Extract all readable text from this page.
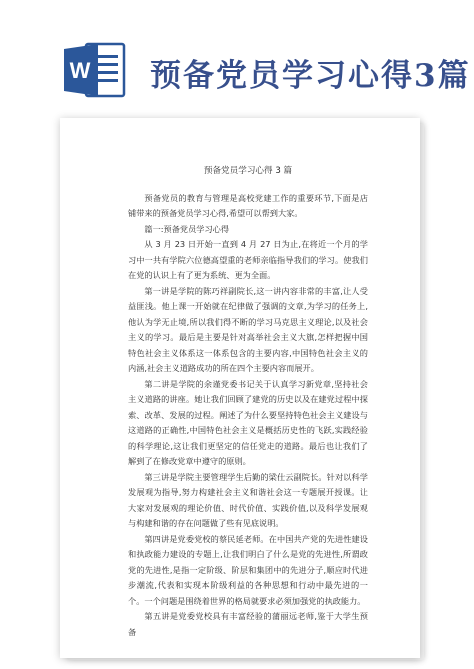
W 预备党员学习心得3篇
预备党员学习心得 3 篇

预备党员的教育与管理是高校党建工作的重要环节,下面是店铺带来的预备党员学习心得,希望可以帮到大家。

篇一:预备党员学习心得

从 3 月 23 日开始一直到 4 月 27 日为止,在将近一个月的学习中一共有学院六位德高望重的老师亲临指导我们的学习。使我们在党的认识上有了更为系统、更为全面。

第一讲是学院的陈巧祥副院长,这一讲内容非常的丰富,让人受益匪浅。他上课一开始就在纪律做了强调的文章,为学习的任务上,他认为学无止境,所以我们得不断的学习马克思主义理论,以及社会主义的学习。最后是主要是针对高举社会主义大旗,怎样把握中国特色社会主义体系这一体系包含的主要内容,中国特色社会主义的内涵,社会主义道路成功的所在四个主要内容而展开。

第二讲是学院的余谨党委书记关于认真学习新党章,坚持社会主义道路的讲座。她让我们回顾了建党的历史以及在建党过程中探索、改革、发展的过程。阐述了为什么要坚持特色社会主义建设与这道路的正确性,中国特色社会主义是概括历史性的飞跃,实践经验的科学理论,这让我们更坚定的信任党走的道路。最后也让我们了解到了在修改党章中遵守的原则。

第三讲是学院主要管理学生后勤的梁仕云副院长。针对以科学发展观为指导,努力构建社会主义和谐社会这一专题展开授课。让大家对发展观的理论价值、时代价值、实践价值,以及科学发展观与构建和谐的存在问题做了些有见底说明。

第四讲是党委党校的蔡民延老师。在中国共产党的先进性建设和执政能力建设的专题上,让我们明白了什么是党的先进性,所谓政党的先进性,是指一定阶级、阶层和集团中的先进分子,顺应时代进步潮流,代表和实现本阶级利益的各种思想和行动中最先进的一个。一个问题是围绕着世界的格局就要求必须加强党的执政能力。

第五讲是党委党校具有丰富经验的蒲丽远老师,鉴于大学生预备
